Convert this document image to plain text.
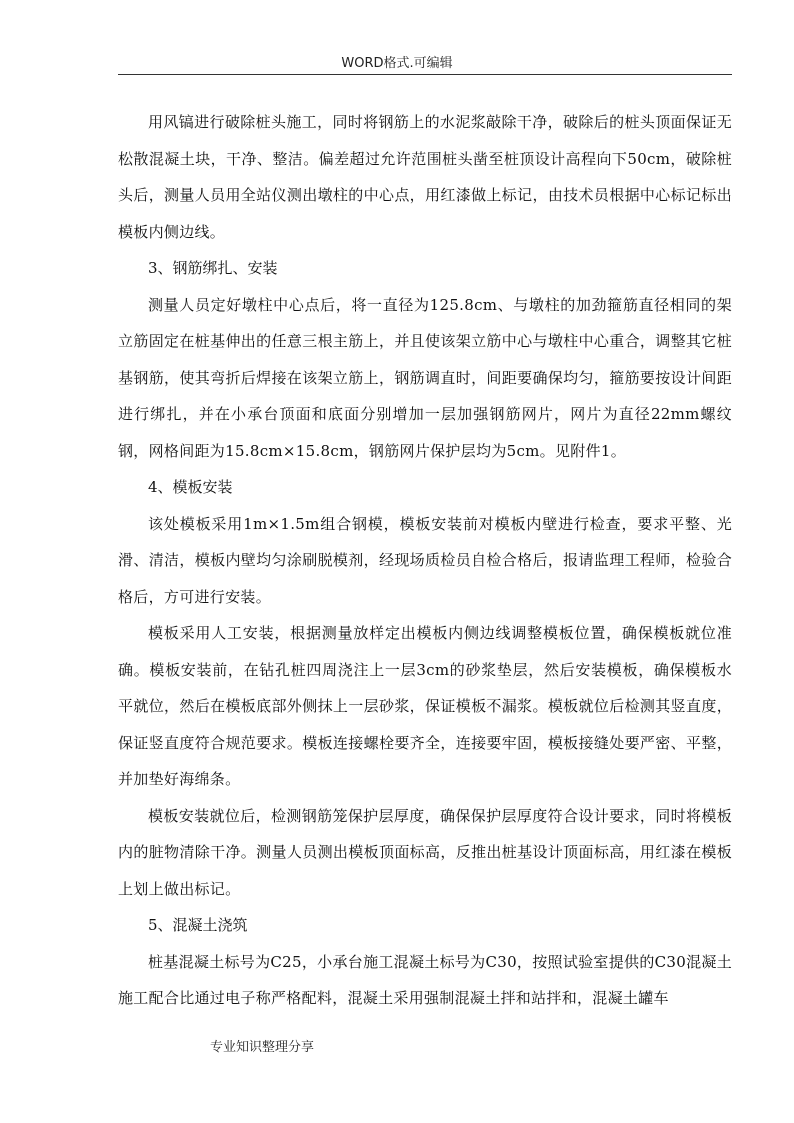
WORD格式.可编辑

用风镐进行破除桩头施工，同时将钢筋上的水泥浆敲除干净，破除后的桩头顶面保证无松散混凝土块，干净、整洁。偏差超过允许范围桩头凿至桩顶设计高程向下50cm，破除桩头后，测量人员用全站仪测出墩柱的中心点，用红漆做上标记，由技术员根据中心标记标出模板内侧边线。

3、钢筋绑扎、安装

测量人员定好墩柱中心点后，将一直径为125.8cm、与墩柱的加劲箍筋直径相同的架立筋固定在桩基伸出的任意三根主筋上，并且使该架立筋中心与墩柱中心重合，调整其它桩基钢筋，使其弯折后焊接在该架立筋上，钢筋调直时，间距要确保均匀，箍筋要按设计间距进行绑扎，并在小承台顶面和底面分别增加一层加强钢筋网片，网片为直径22mm螺纹钢，网格间距为15.8cm×15.8cm，钢筋网片保护层均为5cm。见附件1。

4、模板安装

该处模板采用1m×1.5m组合钢模，模板安装前对模板内壁进行检查，要求平整、光滑、清洁，模板内壁均匀涂刷脱模剂，经现场质检员自检合格后，报请监理工程师，检验合格后，方可进行安装。

模板采用人工安装，根据测量放样定出模板内侧边线调整模板位置，确保模板就位准确。模板安装前，在钻孔桩四周浇注上一层3cm的砂浆垫层，然后安装模板，确保模板水平就位，然后在模板底部外侧抹上一层砂浆，保证模板不漏浆。模板就位后检测其竖直度，保证竖直度符合规范要求。模板连接螺栓要齐全，连接要牢固，模板接缝处要严密、平整，并加垫好海绵条。

模板安装就位后，检测钢筋笼保护层厚度，确保保护层厚度符合设计要求，同时将模板内的脏物清除干净。测量人员测出模板顶面标高，反推出桩基设计顶面标高，用红漆在模板上划上做出标记。

5、混凝土浇筑

桩基混凝土标号为C25，小承台施工混凝土标号为C30，按照试验室提供的C30混凝土施工配合比通过电子称严格配料，混凝土采用强制混凝土拌和站拌和，混凝土罐车

专业知识整理分享
